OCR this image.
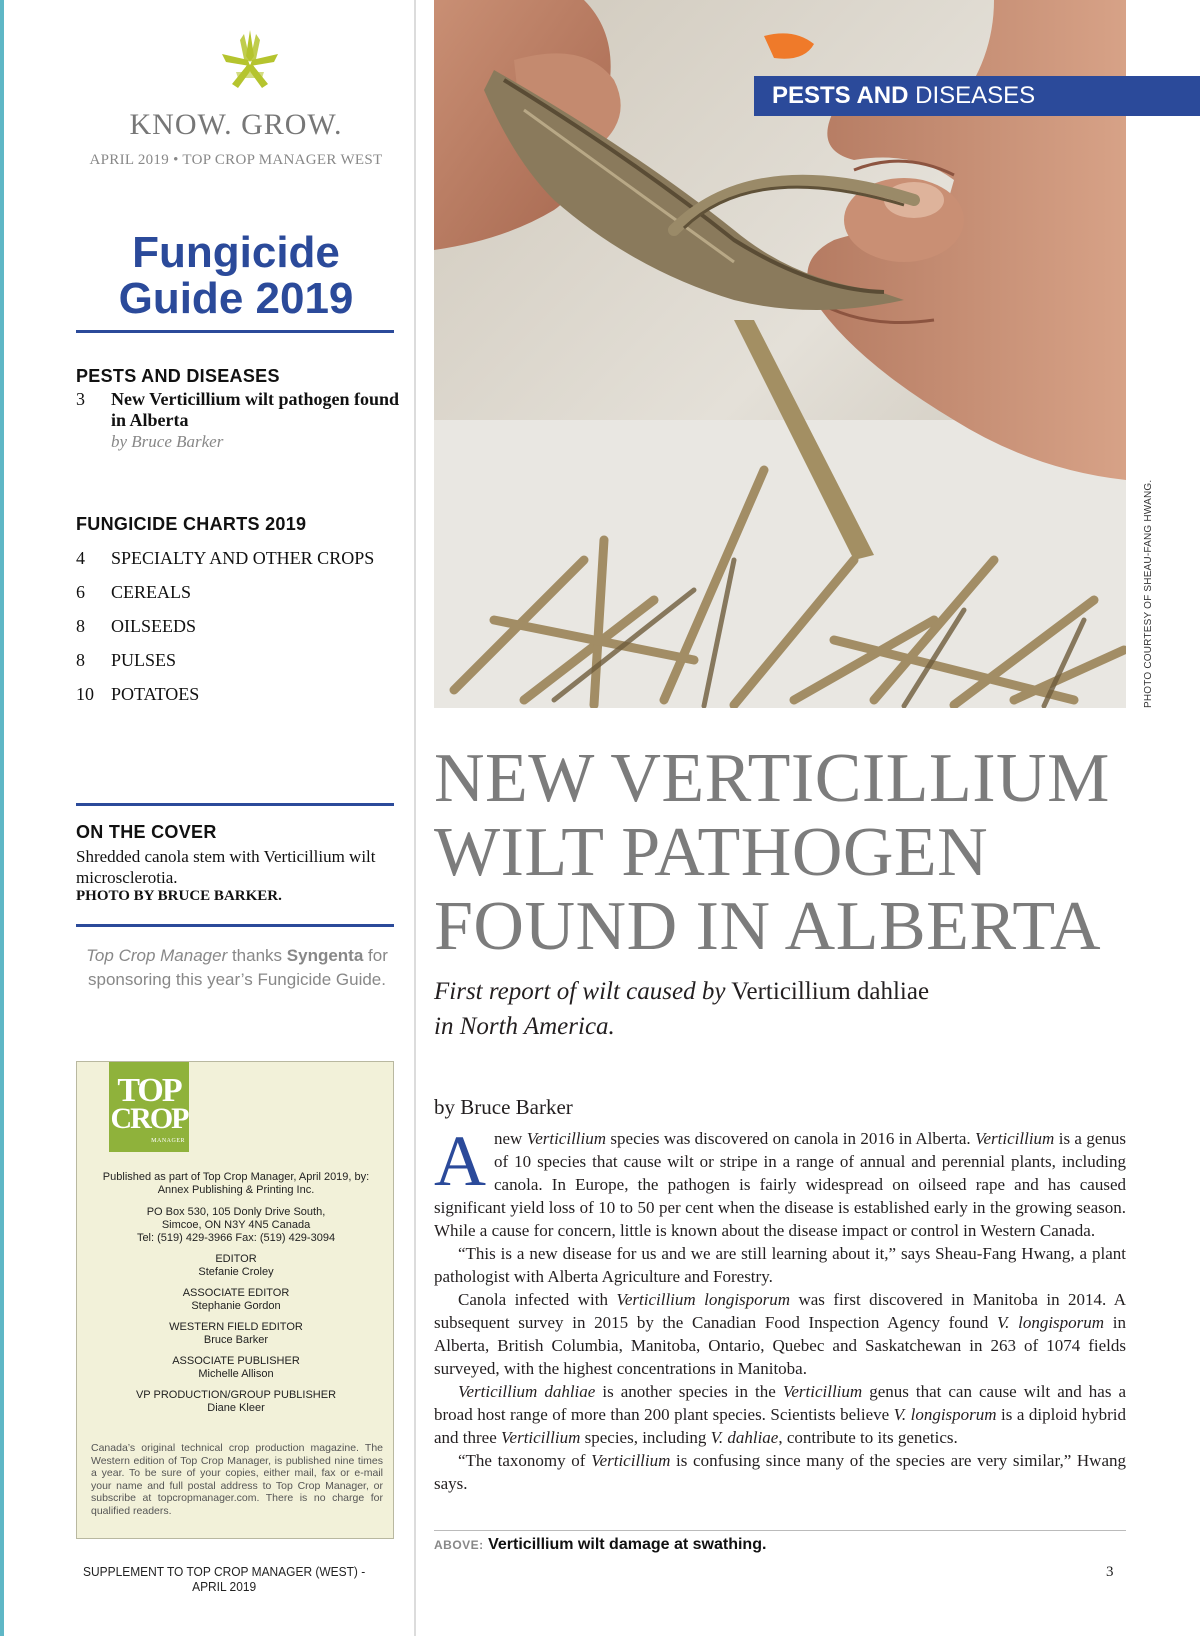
KNOW. GROW.
APRIL 2019 • TOP CROP MANAGER WEST
Fungicide
Guide 2019
PESTS AND DISEASES
3	New Verticillium wilt pathogen found in Alberta
by Bruce Barker
FUNGICIDE CHARTS 2019
4	SPECIALTY AND OTHER CROPS
6	CEREALS
8	OILSEEDS
8	PULSES
10 POTATOES
ON THE COVER
Shredded canola stem with Verticillium wilt microsclerotia.
PHOTO BY BRUCE BARKER.
Top Crop Manager thanks Syngenta for sponsoring this year’s Fungicide Guide.
TOP
CROP
MANAGER
Published as part of Top Crop Manager, April 2019, by:
Annex Publishing & Printing Inc.
PO Box 530, 105 Donly Drive South,
Simcoe, ON N3Y 4N5 Canada
Tel: (519) 429-3966 Fax: (519) 429-3094
EDITOR
Stefanie Croley
ASSOCIATE EDITOR
Stephanie Gordon
WESTERN FIELD EDITOR
Bruce Barker
ASSOCIATE PUBLISHER
Michelle Allison
VP PRODUCTION/GROUP PUBLISHER
Diane Kleer
Canada’s original technical crop production magazine. The Western edition of Top Crop Manager, is published nine times a year. To be sure of your copies, either mail, fax or e-mail your name and full postal address to Top Crop Manager, or subscribe at topcropmanager.com. There is no charge for qualified readers.
SUPPLEMENT TO TOP CROP MANAGER (WEST) - APRIL 2019
PESTS AND DISEASES
PHOTO COURTESY OF SHEAU-FANG HWANG.
NEW VERTICILLIUM
WILT PATHOGEN
FOUND IN ALBERTA
First report of wilt caused by Verticillium dahliae
in North America.
by Bruce Barker

A new Verticillium species was discovered on canola in 2016 in Alberta. Verticillium is a genus of 10 species that cause wilt or stripe in a range of annual and perennial plants, including canola. In Europe, the pathogen is fairly widespread on oilseed rape and has caused significant yield loss of 10 to 50 per cent when the disease is established early in the growing season. While a cause for concern, little is known about the disease impact or control in Western Canada.

“This is a new disease for us and we are still learning about it,” says Sheau-Fang Hwang, a plant pathologist with Alberta Agriculture and Forestry.

Canola infected with Verticillium longisporum was first discovered in Manitoba in 2014. A subsequent survey in 2015 by the Canadian Food Inspection Agency found V. longisporum in Alberta, British Columbia, Manitoba, Ontario, Quebec and Saskatchewan in 263 of 1074 fields surveyed, with the highest concentrations in Manitoba.

Verticillium dahliae is another species in the Verticillium genus that can cause wilt and has a broad host range of more than 200 plant species. Scientists believe V. longisporum is a diploid hybrid and three Verticillium species, including V. dahliae, contribute to its genetics.

“The taxonomy of Verticillium is confusing since many of the species are very similar,” Hwang says.

ABOVE: Verticillium wilt damage at swathing.
3
